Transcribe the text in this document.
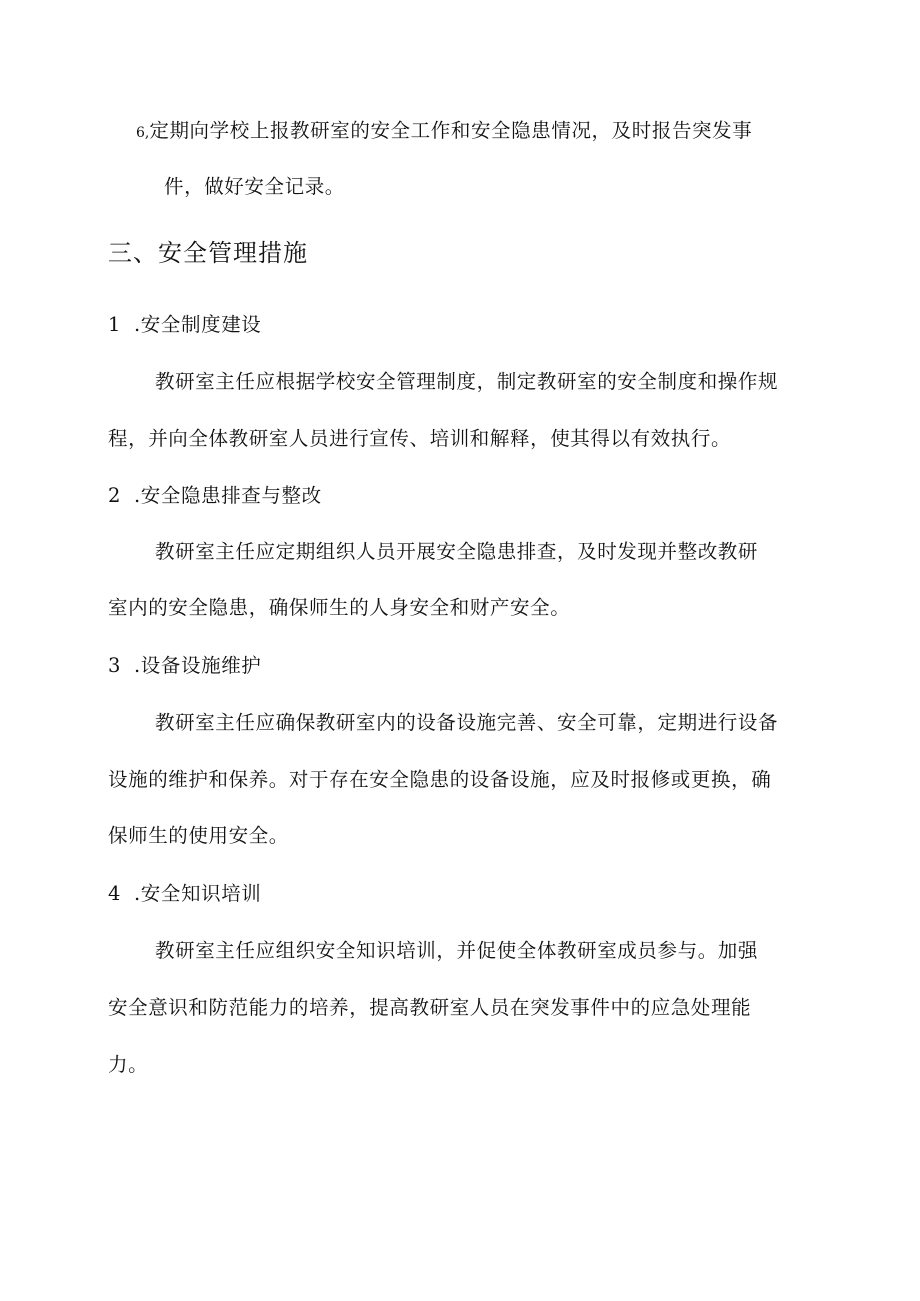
6,定期向学校上报教研室的安全工作和安全隐患情况，及时报告突发事
件，做好安全记录。
三、安全管理措施
1 .安全制度建设
教研室主任应根据学校安全管理制度，制定教研室的安全制度和操作规
程，并向全体教研室人员进行宣传、培训和解释，使其得以有效执行。
2 .安全隐患排查与整改
教研室主任应定期组织人员开展安全隐患排查，及时发现并整改教研
室内的安全隐患，确保师生的人身安全和财产安全。
3 .设备设施维护
教研室主任应确保教研室内的设备设施完善、安全可靠，定期进行设备
设施的维护和保养。对于存在安全隐患的设备设施，应及时报修或更换，确
保师生的使用安全。
4 .安全知识培训
教研室主任应组织安全知识培训，并促使全体教研室成员参与。加强
安全意识和防范能力的培养，提高教研室人员在突发事件中的应急处理能
力。
